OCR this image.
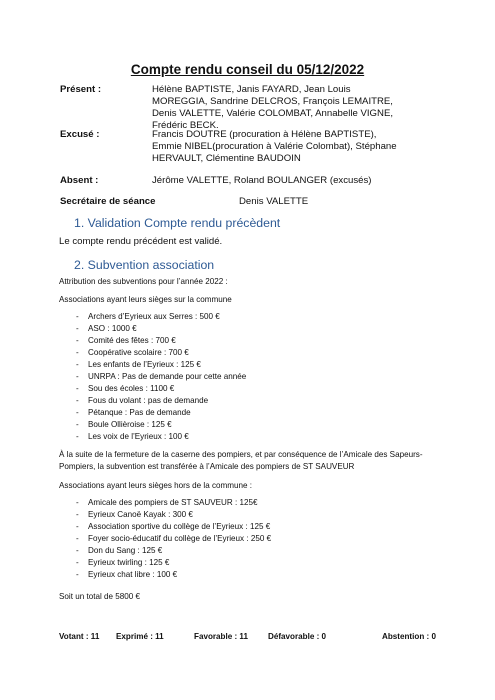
Compte rendu conseil du 05/12/2022
Présent :	Hélène BAPTISTE, Janis FAYARD, Jean Louis MOREGGIA, Sandrine DELCROS, François LEMAITRE, Denis VALETTE, Valérie COLOMBAT, Annabelle VIGNE, Frédéric BECK.
Excusé :	Francis DOUTRE (procuration à Hélène BAPTISTE), Emmie NIBEL(procuration à Valérie Colombat), Stéphane HERVAULT, Clémentine BAUDOIN
Absent :	Jérôme VALETTE, Roland BOULANGER (excusés)
Secrétaire de séance	Denis VALETTE
1. Validation Compte rendu précèdent
Le compte rendu précédent est validé.
2. Subvention association
Attribution des subventions pour l’année 2022 :
Associations ayant leurs sièges sur la commune
- Archers d’Eyrieux aux Serres : 500 €
- ASO : 1000 €
- Comité des fêtes : 700 €
- Coopérative scolaire : 700 €
- Les enfants de l’Eyrieux : 125 €
- UNRPA : Pas de demande pour cette année
- Sou des écoles : 1100 €
- Fous du volant : pas de demande
- Pétanque : Pas de demande
- Boule Ollièroise : 125 €
- Les voix de l’Eyrieux : 100 €
À la suite de la fermeture de la caserne des pompiers, et par conséquence de l’Amicale des Sapeurs-Pompiers, la subvention est transférée à l’Amicale des pompiers de ST SAUVEUR
Associations ayant leurs sièges hors de la commune :
- Amicale des pompiers de ST SAUVEUR : 125€
- Eyrieux Canoë Kayak : 300 €
- Association sportive du collège de l’Eyrieux : 125 €
- Foyer socio-éducatif du collège de l’Eyrieux : 250 €
- Don du Sang : 125 €
- Eyrieux twirling : 125 €
- Eyrieux chat libre : 100 €
Soit un total de 5800 €
Votant : 11 Exprimé : 11	Favorable : 11 Défavorable : 0	Abstention : 0
